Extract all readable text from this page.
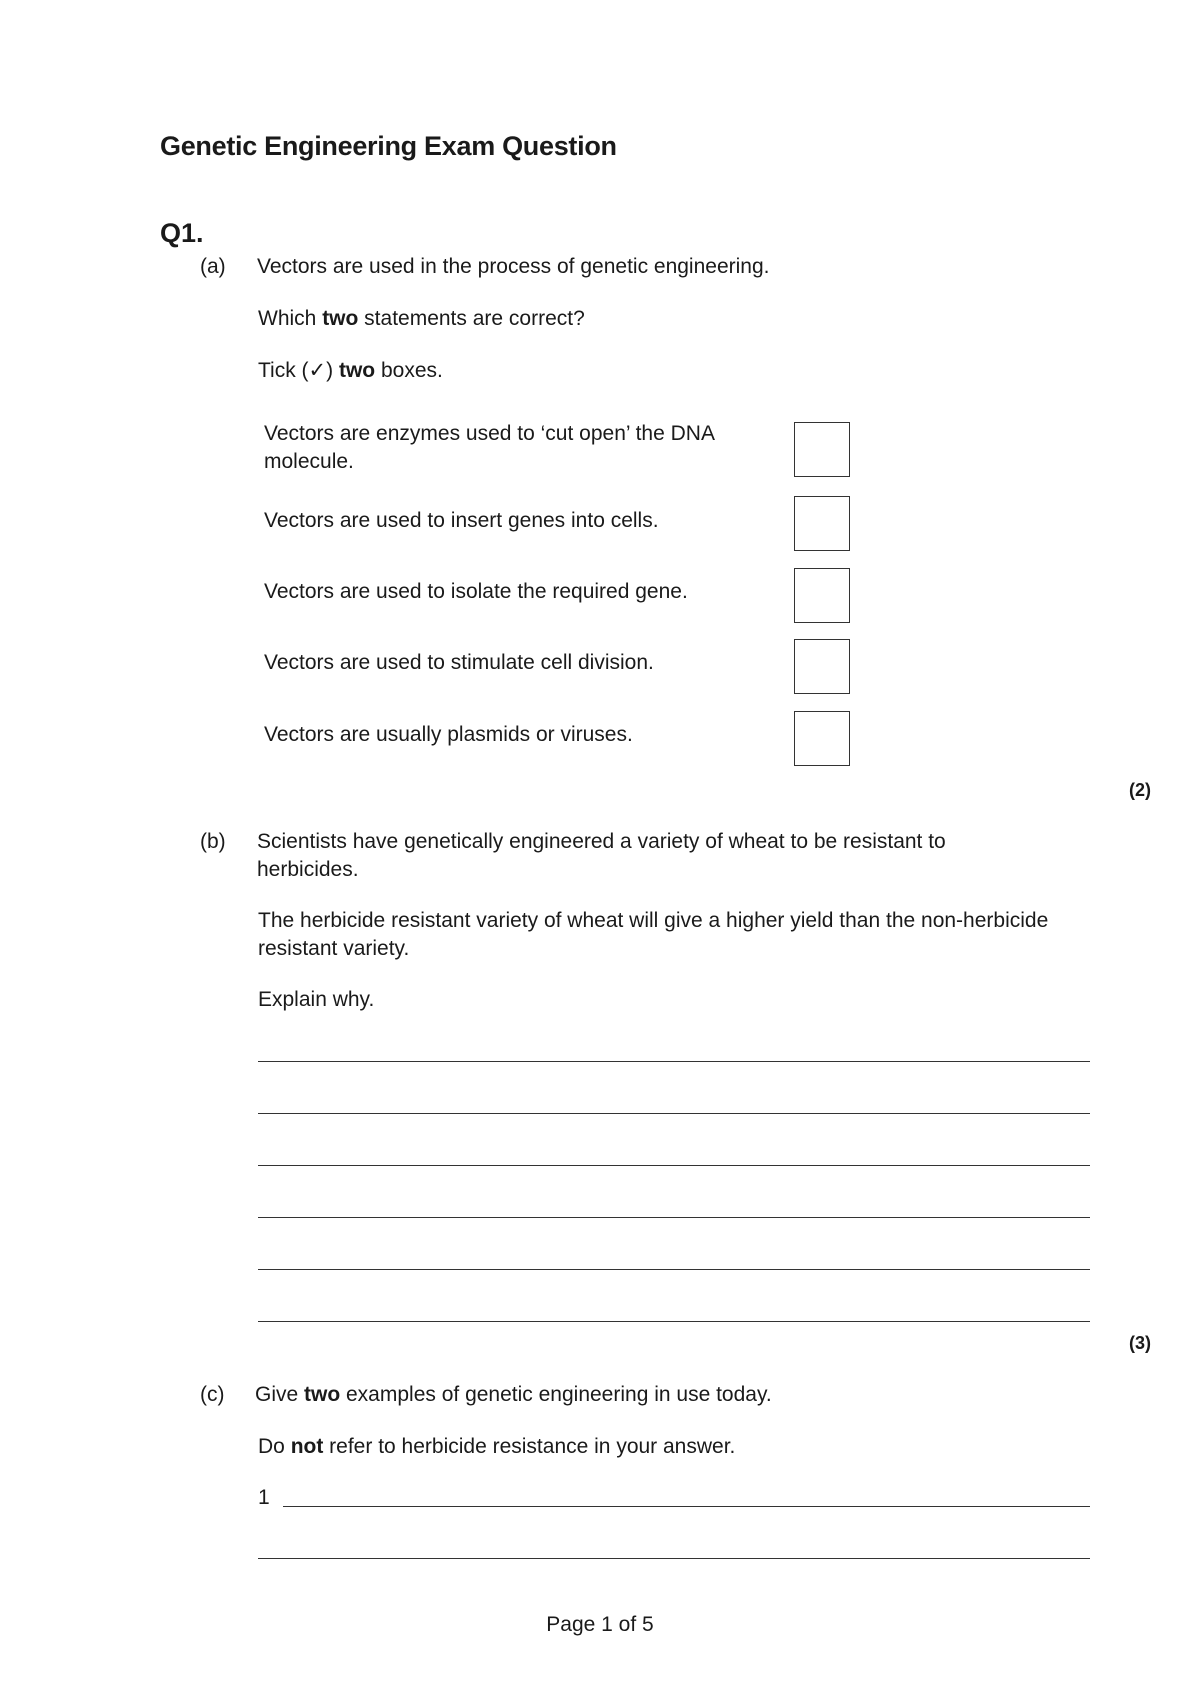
Genetic Engineering Exam Question
Q1.
(a) Vectors are used in the process of genetic engineering.
Which two statements are correct?
Tick (✓) two boxes.
Vectors are enzymes used to ‘cut open’ the DNA molecule.
Vectors are used to insert genes into cells.
Vectors are used to isolate the required gene.
Vectors are used to stimulate cell division.
Vectors are usually plasmids or viruses.
(2)
(b) Scientists have genetically engineered a variety of wheat to be resistant to herbicides.
The herbicide resistant variety of wheat will give a higher yield than the non-herbicide resistant variety.
Explain why.
(3)
(c) Give two examples of genetic engineering in use today.
Do not refer to herbicide resistance in your answer.
1
Page 1 of 5
